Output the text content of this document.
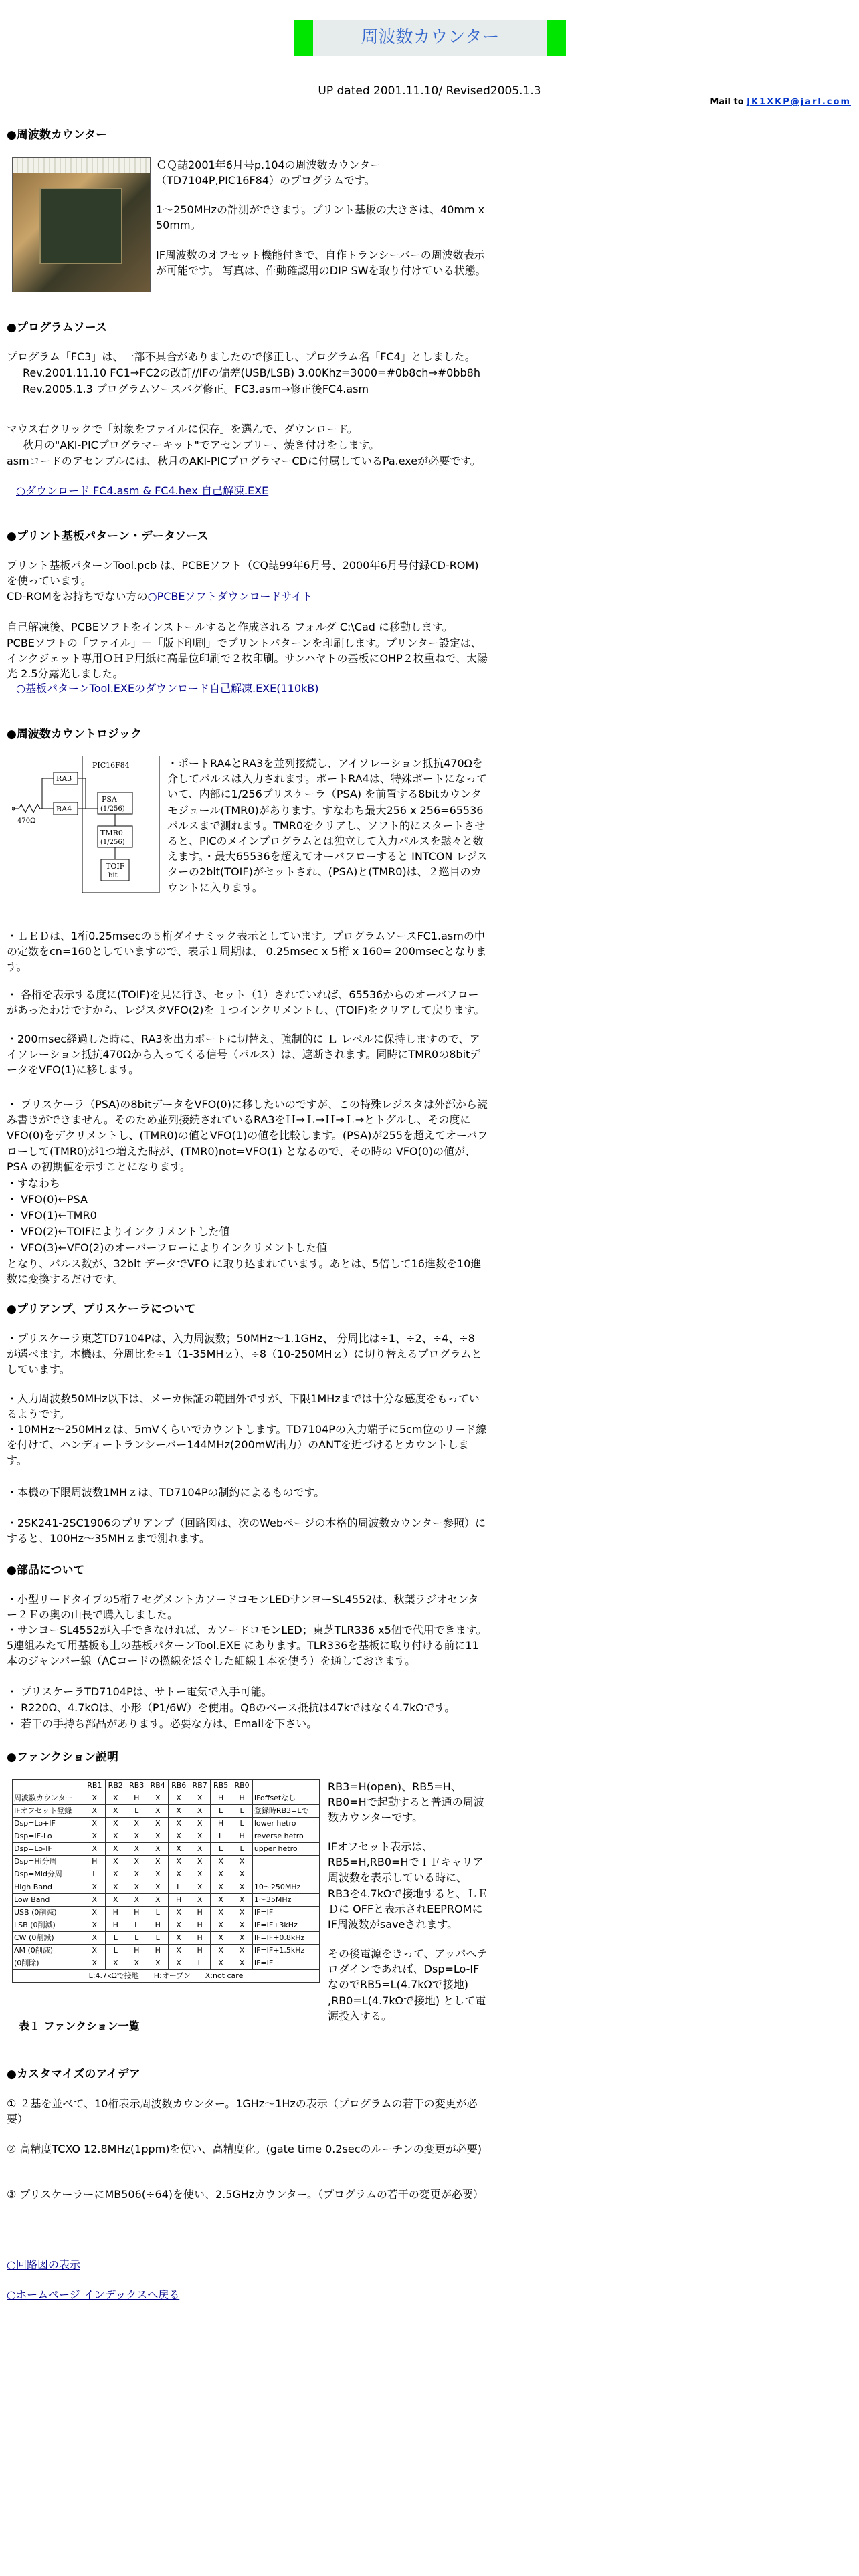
周波数カウンター
UP dated 2001.11.10/ Revised2005.1.3
Mail to JK1XKP@jarl.com
●周波数カウンター
ＣＱ誌2001年6月号p.104の周波数カウンター（TD7104P,PIC16F84）のプログラムです。
1～250MHzの計測ができます。プリント基板の大きさは、40mm x 50mm。
IF周波数のオフセット機能付きで、自作トランシーバーの周波数表示が可能です。 写真は、作動確認用のDIP SWを取り付けている状態。
●プログラムソース
プログラム「FC3」は、一部不具合がありましたので修正し、プログラム名「FC4」としました。
Rev.2001.11.10 FC1→FC2の改訂//IFの偏差(USB/LSB) 3.00Khz=3000=#0b8ch→#0bb8h
Rev.2005.1.3 プログラムソースバグ修正。FC3.asm→修正後FC4.asm
マウス右クリックで「対象をファイルに保存」を選んで、ダウンロード。
秋月の"AKI-PICプログラマーキット"でアセンブリー、焼き付けをします。
asmコードのアセンブルには、秋月のAKI-PICプログラマーCDに付属しているPa.exeが必要です。
○ダウンロード FC4.asm & FC4.hex 自己解凍.EXE
●プリント基板パターン・データソース
プリント基板パターンTool.pcb は、PCBEソフト（CQ誌99年6月号、2000年6月号付録CD-ROM)を使っています。
CD-ROMをお持ちでない方の○PCBEソフトダウンロードサイト
自己解凍後、PCBEソフトをインストールすると作成される フォルダ C:\Cad に移動します。
PCBEソフトの「ファイル」－「版下印刷」でプリントパターンを印刷します。プリンター設定は、インクジェット専用ＯＨＰ用紙に高品位印刷で２枚印刷。サンハヤトの基板にOHP２枚重ねで、太陽光 2.5分露光しました。
○基板パターンTool.EXEのダウンロード自己解凍.EXE(110kB)
●周波数カウントロジック
PIC16F84
RA3
RA4
PSA
(1/256)
TMR0
(1/256)
TOIF
bit
470Ω
・ポートRA4とRA3を並列接続し、アイソレーション抵抗470Ωを介してパルスは入力されます。ポートRA4は、特殊ポートになっていて、内部に1/256プリスケーラ（PSA) を前置する8bitカウンタモジュール(TMR0)があります。すなわち最大256 x 256=65536 パルスまで測れます。TMR0をクリアし、ソフト的にスタートさせると、PICのメインプログラムとは独立して入力パルスを黙々と数えます。・最大65536を超えてオーバフローすると INTCON レジスターの2bit(TOIF)がセットされ、(PSA)と(TMR0)は、２巡目のカウントに入ります。
・ＬＥＤは、1桁0.25msecの５桁ダイナミック表示としています。プログラムソースFC1.asmの中の定数をcn=160としていますので、表示１周期は、 0.25msec x 5桁 x 160= 200msecとなります。
・ 各桁を表示する度に(TOIF)を見に行き、セット（1）されていれば、65536からのオーバフローがあったわけですから、レジスタVFO(2)を １つインクリメントし、(TOIF)をクリアして戻ります。
・200msec経過した時に、RA3を出力ポートに切替え、強制的に Ｌ レベルに保持しますので、アイソレーション抵抗470Ωから入ってくる信号（パルス）は、遮断されます。同時にTMR0の8bitデータをVFO(1)に移します。
・ プリスケーラ（PSA)の8bitデータをVFO(0)に移したいのですが、この特殊レジスタは外部から読み書きができません。そのため並列接続されているRA3をＨ→Ｌ→Ｈ→Ｌ→とトグルし、その度にVFO(0)をデクリメントし、(TMR0)の値とVFO(1)の値を比較します。(PSA)が255を超えてオーバフローして(TMR0)が1つ増えた時が、(TMR0)not=VFO(1) となるので、その時の VFO(0)の値が、PSA の初期値を示すことになります。
・すなわち
・ VFO(0)←PSA
・ VFO(1)←TMR0
・ VFO(2)←TOIFによりインクリメントした値
・ VFO(3)←VFO(2)のオーバーフローによりインクリメントした値
となり、パルス数が、32bit データでVFO に取り込まれています。あとは、5倍して16進数を10進数に変換するだけです。
●プリアンプ、プリスケーラについて
・プリスケーラ東芝TD7104Pは、入力周波数；50MHz～1.1GHz、 分周比は÷1、÷2、÷4、÷8 が選べます。本機は、分周比を÷1（1-35MHｚ）、÷8（10-250MHｚ）に切り替えるプログラムとしています。
・入力周波数50MHz以下は、メーカ保証の範囲外ですが、下限1MHzまでは十分な感度をもっているようです。
・10MHz～250MHｚは、5mVくらいでカウントします。TD7104Pの入力端子に5cm位のリード線を付けて、ハンディートランシーバー144MHz(200mW出力）のANTを近づけるとカウントします。
・本機の下限周波数1MHｚは、TD7104Pの制約によるものです。
・2SK241-2SC1906のプリアンプ（回路図は、次のWebページの本格的周波数カウンター参照）にすると、100Hz～35MHｚまで測れます。
●部品について
・小型リードタイプの5桁７セグメントカソードコモンLEDサンヨーSL4552は、秋葉ラジオセンター２Ｆの奥の山長で購入しました。
・サンヨーSL4552が入手できなければ、カソードコモンLED；東芝TLR336 x5個で代用できます。5連組みたて用基板も上の基板パターンTool.EXE にあります。TLR336を基板に取り付ける前に11本のジャンパー線（ACコードの撚線をほぐした細線１本を使う）を通しておきます。
・ プリスケーラTD7104Pは、サトー電気で入手可能。
・ R220Ω、4.7kΩは、小形（P1/6W）を使用。Q8のベース抵抗は47kではなく4.7kΩです。
・ 若干の手持ち部品があります。必要な方は、Emailを下さい。
●ファンクション説明
	RB1	RB2	RB3	RB4	RB6	RB7	RB5	RB0	
周波数カウンター	X	X	H	X	X	X	H	H	IFoffsetなし
IFオフセット登録	X	X	L	X	X	X	L	L	登録時RB3=Lで
Dsp=Lo+IF	X	X	X	X	X	X	H	L	lower hetro
Dsp=IF-Lo	X	X	X	X	X	X	L	H	reverse hetro
Dsp=Lo-IF	X	X	X	X	X	X	L	L	upper hetro
Dsp=Hi分周	H	X	X	X	X	X	X	X	
Dsp=Mid分周	L	X	X	X	X	X	X	X	
High Band	X	X	X	X	L	X	X	X	10～250MHz
Low Band	X	X	X	X	H	X	X	X	1～35MHz
USB (0削減)	X	H	H	L	X	H	X	X	IF=IF
LSB (0削減)	X	H	L	H	X	H	X	X	IF=IF+3kHz
CW (0削減)	X	L	L	L	X	H	X	X	IF=IF+0.8kHz
AM (0削減)	X	L	H	H	X	H	X	X	IF=IF+1.5kHz
(0削除)	X	X	X	X	X	L	X	X	IF=IF
L:4.7kΩで接地　　H:オープン　　X:not care									
表１ ファンクション一覧
RB3=H(open)、RB5=H、RB0=Hで起動すると普通の周波数カウンターです。
IFオフセット表示は、RB5=H,RB0=HでＩＦキャリア周波数を表示している時に、RB3を4.7kΩで接地すると、ＬＥＤに OFFと表示されEEPROMにIF周波数がsaveされます。
その後電源をきって、アッパヘテロダインであれば、Dsp=Lo-IFなのでRB5=L(4.7kΩで接地) ,RB0=L(4.7kΩで接地) として電源投入する。
●カスタマイズのアイデア
① ２基を並べて、10桁表示周波数カウンター。1GHz～1Hzの表示（プログラムの若干の変更が必要）
② 高精度TCXO 12.8MHz(1ppm)を使い、高精度化。(gate time 0.2secのルーチンの変更が必要)
③ プリスケーラーにMB506(÷64)を使い、2.5GHzカウンター。（プログラムの若干の変更が必要）
○回路図の表示
○ホームページ インデックスへ戻る
